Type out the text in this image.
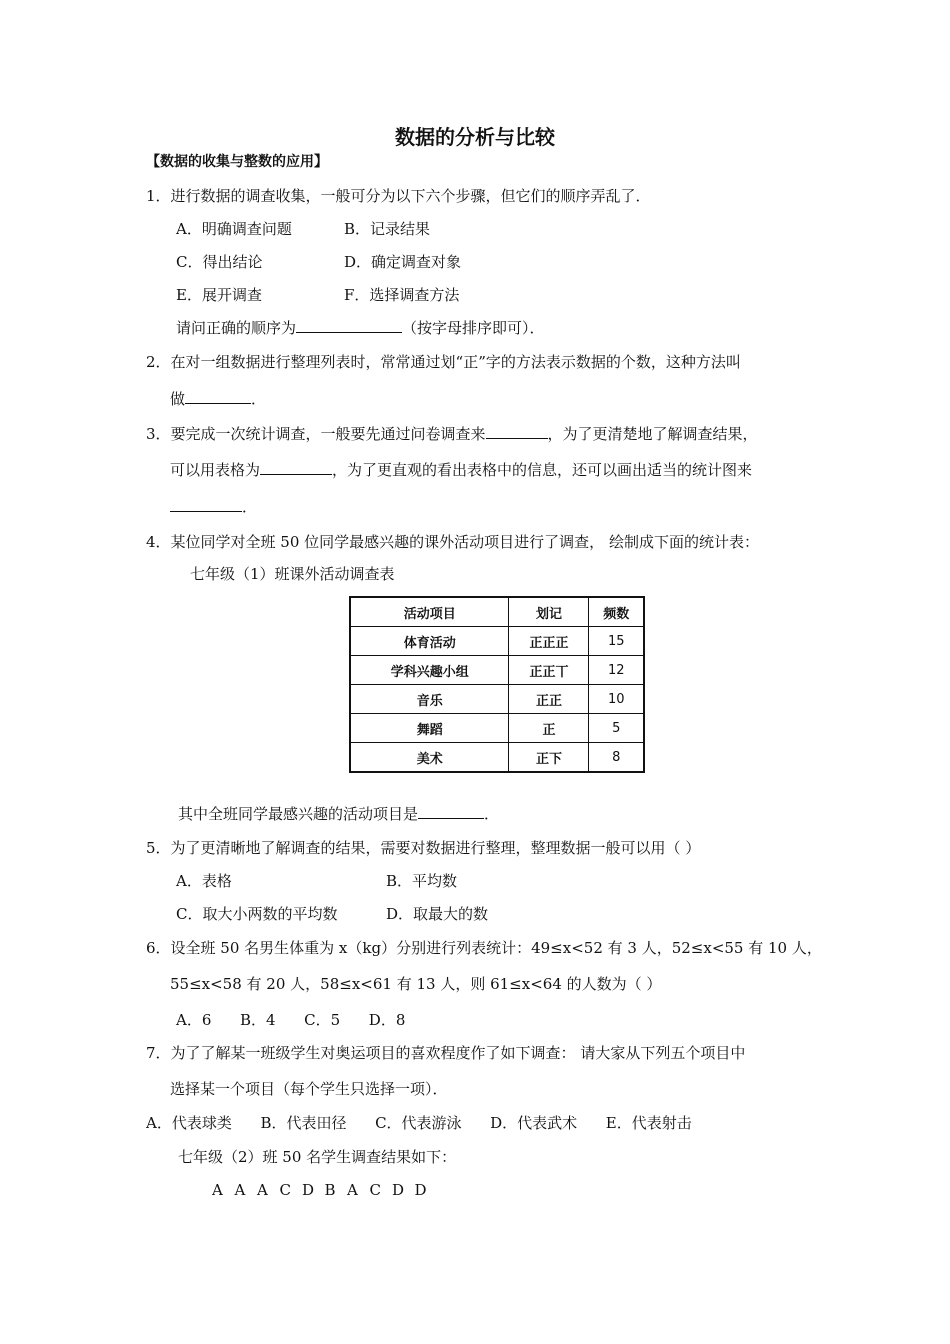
数据的分析与比较
【数据的收集与整数的应用】
1．进行数据的调查收集，一般可分为以下六个步骤，但它们的顺序弄乱了．
A．明确调查问题	B．记录结果
C．得出结论	D．确定调查对象
E．展开调查	F．选择调查方法
请问正确的顺序为	（按字母排序即可）．
2．在对一组数据进行整理列表时，常常通过划“正”字的方法表示数据的个数，这种方法叫
做	．
3．要完成一次统计调查，一般要先通过问卷调查来	，为了更清楚地了解调查结果，
可以用表格为	，为了更直观的看出表格中的信息，还可以画出适当的统计图来
．
4．某位同学对全班 50 位同学最感兴趣的课外活动项目进行了调查， 绘制成下面的统计表：
七年级（1）班课外活动调查表
活动项目	划记	频数
体育活动	正正正	15
学科兴趣小组	正正丅	12
音乐	正正	10
舞蹈	正	5
美术	正下	8
其中全班同学最感兴趣的活动项目是	．
5．为了更清晰地了解调查的结果，需要对数据进行整理，整理数据一般可以用（ ）
A．表格	B．平均数
C．取大小两数的平均数	D．取最大的数
6．设全班 50 名男生体重为 x（kg）分别进行列表统计：49≤x<52 有 3 人，52≤x<55 有 10 人，
55≤x<58 有 20 人，58≤x<61 有 13 人，则 61≤x<64 的人数为（ ）
A．6      B．4      C．5      D．8
7．为了了解某一班级学生对奥运项目的喜欢程度作了如下调查： 请大家从下列五个项目中
选择某一个项目（每个学生只选择一项）．
A．代表球类      B．代表田径      C．代表游泳      D．代表武术      E．代表射击
七年级（2）班 50 名学生调查结果如下：
A A A C D B A C D D
